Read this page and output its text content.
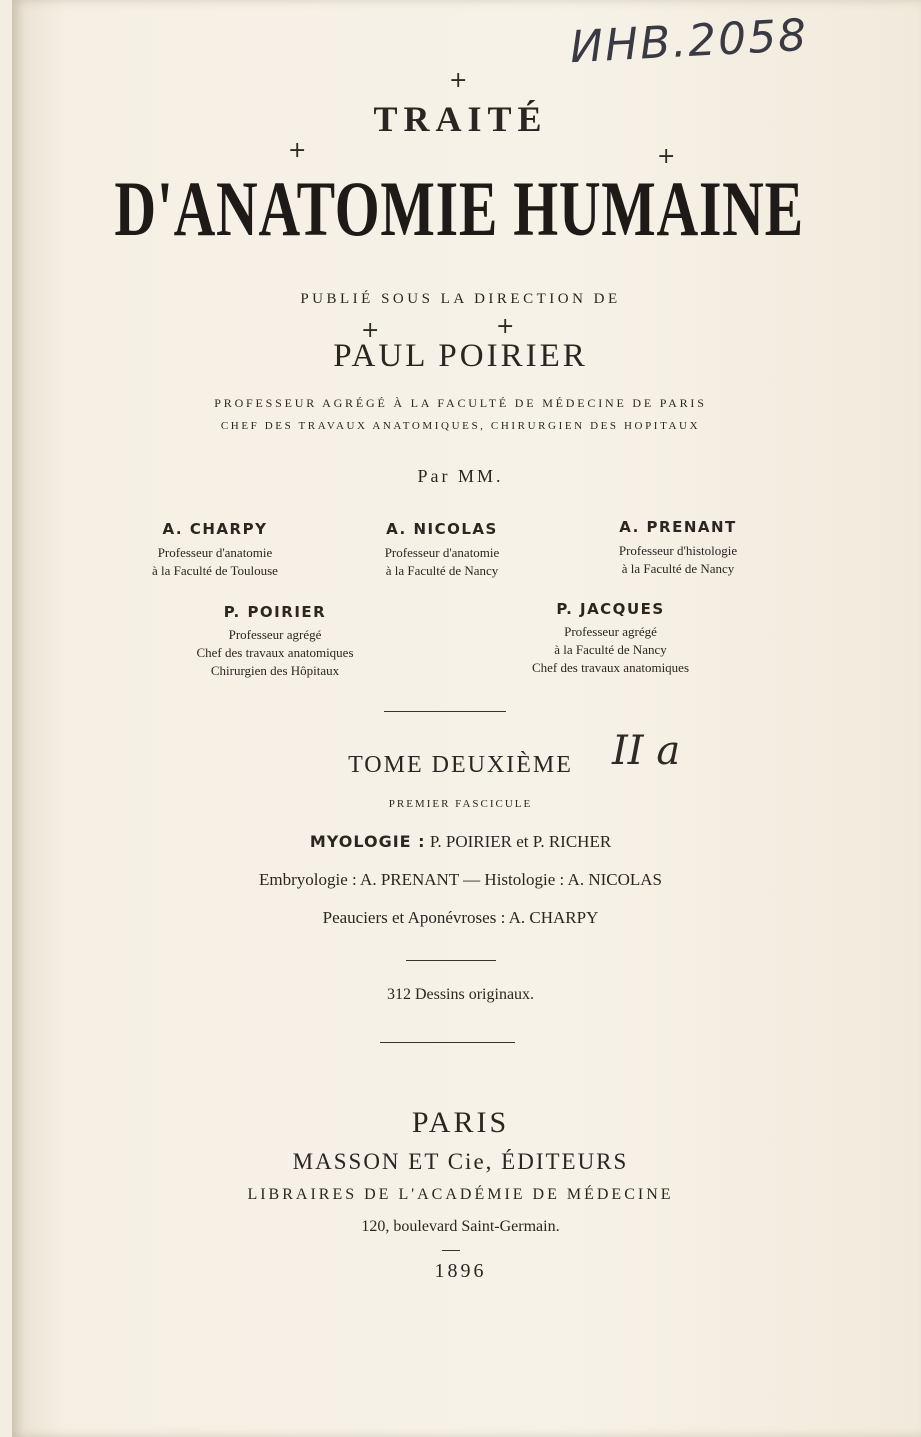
ИНВ.2058
+
+	+
+	+
TRAITÉ
D'ANATOMIE HUMAINE
PUBLIÉ SOUS LA DIRECTION DE
PAUL POIRIER
PROFESSEUR AGRÉGÉ À LA FACULTÉ DE MÉDECINE DE PARIS
CHEF DES TRAVAUX ANATOMIQUES, CHIRURGIEN DES HOPITAUX
Par MM.
A. CHARPY
Professeur d'anatomie
à la Faculté de Toulouse
A. NICOLAS
Professeur d'anatomie
à la Faculté de Nancy
A. PRENANT
Professeur d'histologie
à la Faculté de Nancy
P. POIRIER
Professeur agrégé
Chef des travaux anatomiques
Chirurgien des Hôpitaux
P. JACQUES
Professeur agrégé
à la Faculté de Nancy
Chef des travaux anatomiques
TOME DEUXIÈME II a
PREMIER FASCICULE
MYOLOGIE : P. POIRIER et P. RICHER
Embryologie : A. PRENANT — Histologie : A. NICOLAS
Peauciers et Aponévroses : A. CHARPY
312 Dessins originaux.
PARIS
MASSON ET Cie, ÉDITEURS
LIBRAIRES DE L'ACADÉMIE DE MÉDECINE
120, boulevard Saint-Germain.
1896
